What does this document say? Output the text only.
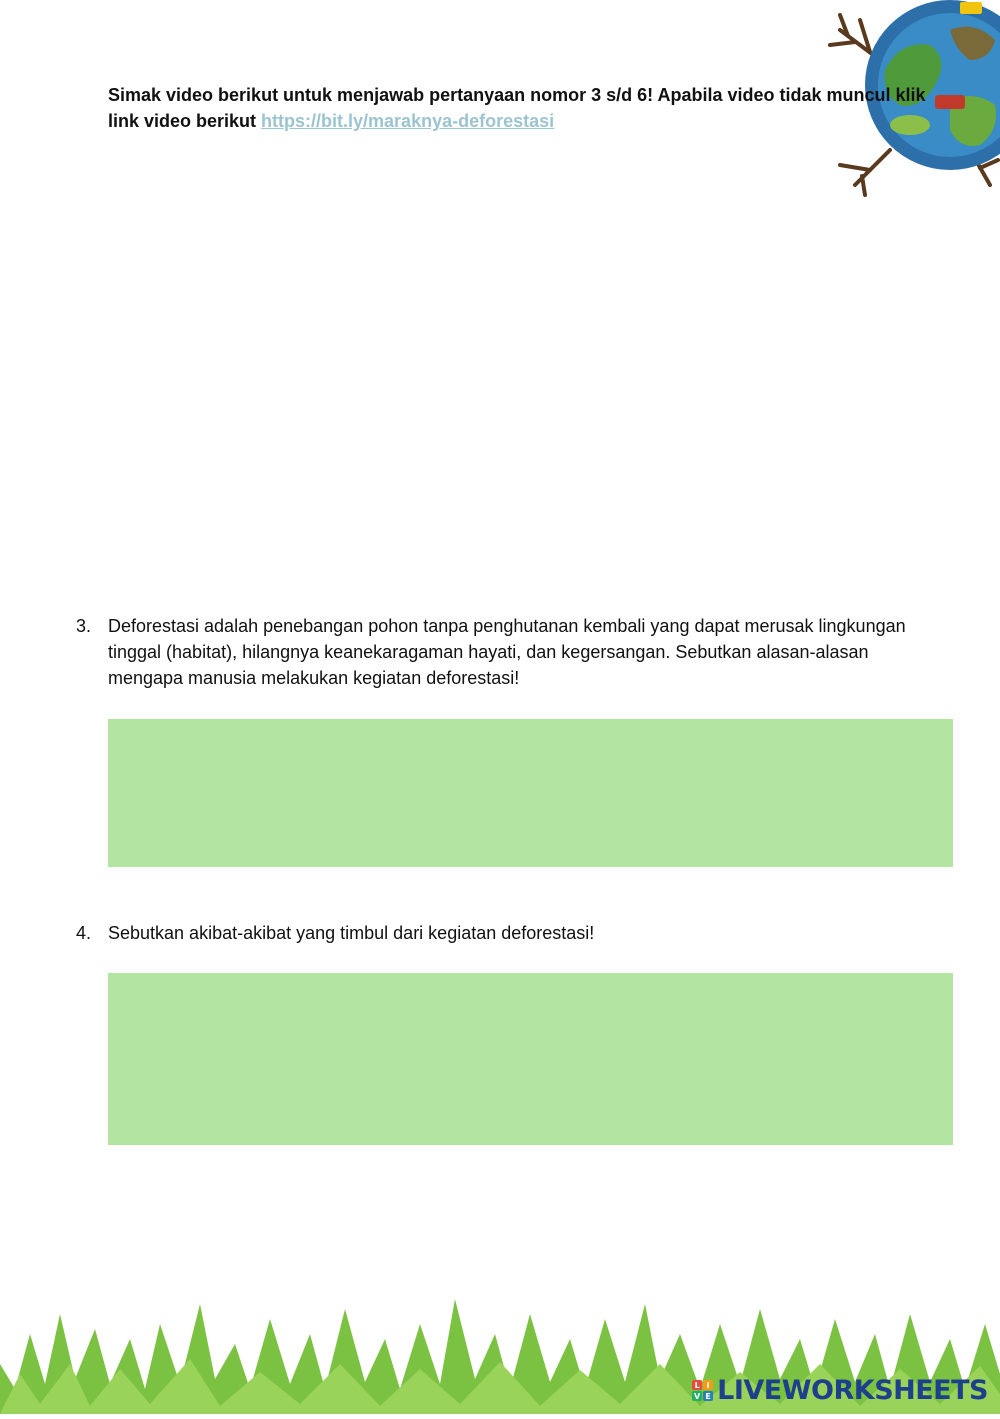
Simak video berikut untuk menjawab pertanyaan nomor 3 s/d 6! Apabila video tidak muncul klik link video berikut https://bit.ly/maraknya-deforestasi
3. Deforestasi adalah penebangan pohon tanpa penghutanan kembali yang dapat merusak lingkungan tinggal (habitat), hilangnya keanekaragaman hayati, dan kegersangan. Sebutkan alasan-alasan mengapa manusia melakukan kegiatan deforestasi!
4. Sebutkan akibat-akibat yang timbul dari kegiatan deforestasi!
L I
V E LIVEWORKSHEETS
